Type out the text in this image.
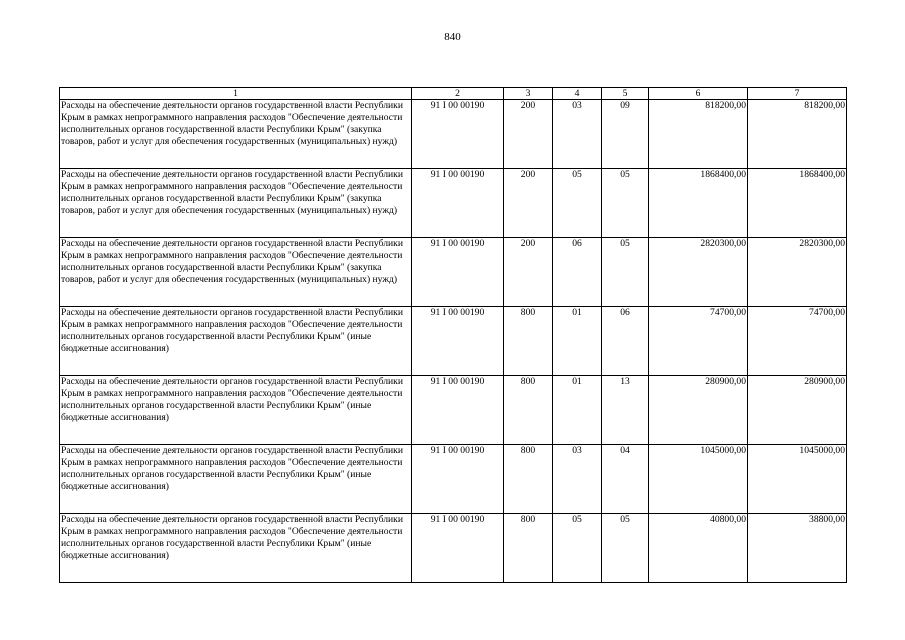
840
1	2	3	4	5	6	7
Расходы на обеспечение деятельности органов государственной власти Республики Крым в рамках непрограммного направления расходов "Обеспечение деятельности исполнительных органов государственной власти Республики Крым" (закупка товаров, работ и услуг для обеспечения государственных (муниципальных) нужд)	91 I 00 00190	200	03	09	818200,00	818200,00
Расходы на обеспечение деятельности органов государственной власти Республики Крым в рамках непрограммного направления расходов "Обеспечение деятельности исполнительных органов государственной власти Республики Крым" (закупка товаров, работ и услуг для обеспечения государственных (муниципальных) нужд)	91 I 00 00190	200	05	05	1868400,00	1868400,00
Расходы на обеспечение деятельности органов государственной власти Республики Крым в рамках непрограммного направления расходов "Обеспечение деятельности исполнительных органов государственной власти Республики Крым" (закупка товаров, работ и услуг для обеспечения государственных (муниципальных) нужд)	91 I 00 00190	200	06	05	2820300,00	2820300,00
Расходы на обеспечение деятельности органов государственной власти Республики Крым в рамках непрограммного направления расходов "Обеспечение деятельности исполнительных органов государственной власти Республики Крым" (иные бюджетные ассигнования)	91 I 00 00190	800	01	06	74700,00	74700,00
Расходы на обеспечение деятельности органов государственной власти Республики Крым в рамках непрограммного направления расходов "Обеспечение деятельности исполнительных органов государственной власти Республики Крым" (иные бюджетные ассигнования)	91 I 00 00190	800	01	13	280900,00	280900,00
Расходы на обеспечение деятельности органов государственной власти Республики Крым в рамках непрограммного направления расходов "Обеспечение деятельности исполнительных органов государственной власти Республики Крым" (иные бюджетные ассигнования)	91 I 00 00190	800	03	04	1045000,00	1045000,00
Расходы на обеспечение деятельности органов государственной власти Республики Крым в рамках непрограммного направления расходов "Обеспечение деятельности исполнительных органов государственной власти Республики Крым" (иные бюджетные ассигнования)	91 I 00 00190	800	05	05	40800,00	38800,00
